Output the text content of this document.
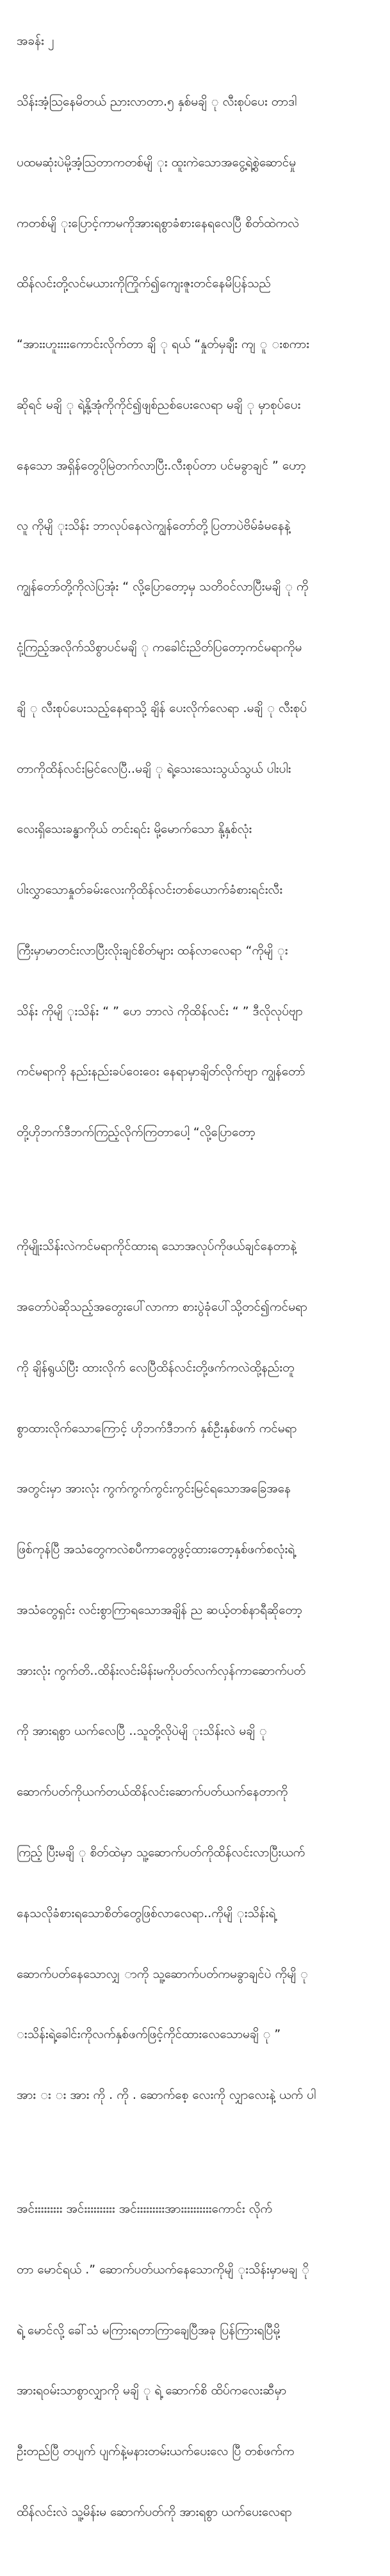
အခန်း ၂

သိန်းအံ့သြနေမိတယ် ညားလာတာ.၅ နှစ်မချိ ု လီးစုပ်ပေး တာဒါ

ပထမဆုံးပဲမို့အံ့သြတာကတစ်မျိ ုး ထူးကဲသောအငွေ့ရဲ့စွဲဆောင်မှု

ကတစ်မျိ ုးပြောင့်ကာမကိုအားရစွာခံစားနေရလေပြီ စိတ်ထဲကလဲ

ထိန်လင်းတို့လင်မယားကိုကြိုက်၍ကျေးဇူးတင်နေမိပြန်သည်

“အားးဟူးးးးကောင်းလိုက်တာ ချိ ု ရယ် “နှုတ်မှချီး ကျ ူ းစကား

ဆိုရင် မချိ ု ရဲ့နို့အုံကိုကိုင်၍ဖျစ်ညစ်ပေးလေရာ မချိ ု မှာစုပ်ပေး

နေသော အရှိန်တွေပိုမြဲတက်လာပြီး.လီးစုပ်တာ ပင်မခွာချင် ” ဟော့

လူ ကိုမျိ ုးသိန်း ဘာလုပ်နေလဲကျွန်တော်တို့ပြတာပဲဗိမ်ခံမနေနဲ့

ကျွန်တော်တို့ကိုလဲပြအုံး “ လို့ပြောတော့မှ သတိဝင်လာပြီးမချိ ု ကို

ငုံ့ကြည့်အလိုက်သိစွာပင်မချိ ု ကခေါင်းညိတ်ပြတော့ကင်မရာကိုမ

ချိ ု လီးစုပ်ပေးသည့်နေရာသို့ ချိန် ပေးလိုက်လေရာ .မချိ ု လီးစုပ်

တာကိုထိန်လင်းမြင်လေပြီ..မချိ ု ရဲ့သေးသေးသွယ်သွယ် ပါးပါး

လေးရှိသေးခန္ဓာကိုယ် တင်းရင်း မို့မောက်သော နို့နှစ်လုံး

ပါးလွှာသောနှုတ်ခမ်းလေးကိုထိန်လင်းတစ်ယောက်ခံစားရင်းလီး

ကြီးမှာမာတင်းလာပြီးလိုးချင်စိတ်များ ထန်လာလေရာ “ကိုမျိ ုး

သိန်း ကိုမျိ ုးသိန်း “ ” ဟေ ဘာလဲ ကိုထိန်လင်း “ ” ဒီလိုလုပ်ဗျာ

ကင်မရာကို နည်းနည်းခပ်ဝေးဝေး နေရာမှာချိတ်လိုက်ဗျာ ကျွန်တော်

တို့ဟိုဘက်ဒီဘက်ကြည့်လိုက်ကြတာပေါ့ “လို့ပြောတော့

ကိုမျိုးသိန်းလဲကင်မရာကိုင်ထားရ သောအလုပ်ကိုဖယ်ချင်နေတာနဲ့

အတော်ပဲဆိုသည့်အတွေးပေါ်လာကာ စားပွဲခုံပေါ်သို့တင်၍ကင်မရာ

ကို ချိန်ရွယ်ပြီး ထားလိုက် လေပြီထိန်လင်းတို့ဖက်ကလဲထို့နည်းတူ

စွာထားလိုက်သောကြောင့် ဟိုဘက်ဒီဘက် နှစ်ဦးနှစ်ဖက် ကင်မရာ

အတွင်းမှာ အားလုံး ကွက်ကွက်ကွင်းကွင်းမြင်ရသောအခြေအနေ

ဖြစ်ကုန်ပြီ အသံတွေကလဲစပီကာတွေဖွင့်ထားတော့နှစ်ဖက်စလုံးရဲ့

အသံတွေရှင်း လင်းစွာကြာရသောအချိန် ည ဆယ့်တစ်နာရီဆိုတော့

အားလုံး ကွက်တိ..ထိန်းလင်းမိန်းမကိုပတ်လက်လှန်ကာဆောက်ပတ်

ကို အားရစွာ ယက်လေပြီ ..သူတို့လိုပဲမျိ ုးသိန်းလဲ မချိ ု

ဆောက်ပတ်ကိုယက်တယ်ထိန်လင်းဆောက်ပတ်ယက်နေတာကို

ကြည့် ပြီးမချိ ု စိတ်ထဲမှာ သူ့ဆောက်ပတ်ကိုထိန်လင်းလာပြီးယက်

နေသလိုခံစားရသောစိတ်တွေဖြစ်လာလေရာ..ကိုမျိ ုးသိန်းရဲ့

ဆောက်ပတ်နေသောလျှ ာကို သူ့ဆောက်ပတ်ကမခွာချင်ပဲ ကိုမျိ ု

းသိန်းရဲ့ခေါင်းကိုလက်နှစ်ဖက်ဖြင့်ကိုင်ထားလေသောမချိ ု ”

အား း း အား ကို . ကို . ဆောက်စေ့ လေးကို လျှာလေးနဲ့ ယက် ပါ

အင်းးးးးးးးး အင်းးးးးးးးးး အင်းးးးးးးးးအားးးးးးးးးးကောင်း လိုက်

တာ မောင်ရယ် .” ဆောက်ပတ်ယက်နေသောကိုမျိ ုးသိန်းမှာမချ ို

ရဲ့ မောင်လို့ ခေါ်သံ မကြားရတာကြာချေပြီအခု ပြန်ကြားရပြီမို့

အားရဝမ်းသာစွာလျှာကို မချိ ု ရဲ့ ဆောက်စိ ထိပ်ကလေးဆီမှာ

ဦးတည်ပြီ တပျက် ပျက်နဲ့မနားတမ်းယက်ပေးလေ ပြီ တစ်ဖက်က

ထိန်လင်းလဲ သူ့မိန်းမ ဆောက်ပတ်ကို အားရစွာ ယက်ပေးလေရာ
